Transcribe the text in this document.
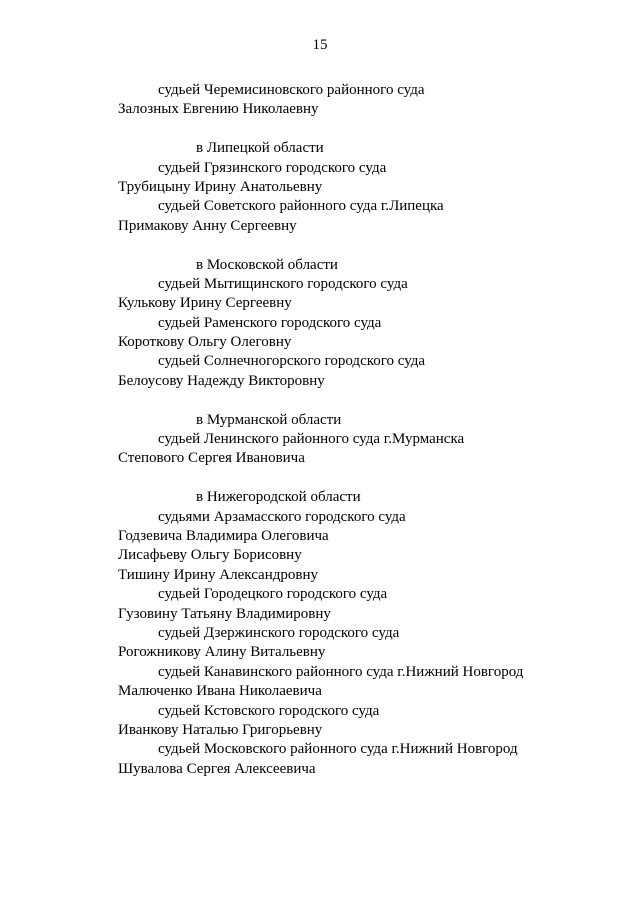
15
судьей Черемисиновского районного суда
Залозных Евгению Николаевну
в Липецкой области
судьей Грязинского городского суда
Трубицыну Ирину Анатольевну
судьей Советского районного суда г.Липецка
Примакову Анну Сергеевну
в Московской области
судьей Мытищинского городского суда
Кулькову Ирину Сергеевну
судьей Раменского городского суда
Короткову Ольгу Олеговну
судьей Солнечногорского городского суда
Белоусову Надежду Викторовну
в Мурманской области
судьей Ленинского районного суда г.Мурманска
Степового Сергея Ивановича
в Нижегородской области
судьями Арзамасского городского суда
Годзевича Владимира Олеговича
Лисафьеву Ольгу Борисовну
Тишину Ирину Александровну
судьей Городецкого городского суда
Гузовину Татьяну Владимировну
судьей Дзержинского городского суда
Рогожникову Алину Витальевну
судьей Канавинского районного суда г.Нижний Новгород
Малюченко Ивана Николаевича
судьей Кстовского городского суда
Иванкову Наталью Григорьевну
судьей Московского районного суда г.Нижний Новгород
Шувалова Сергея Алексеевича
